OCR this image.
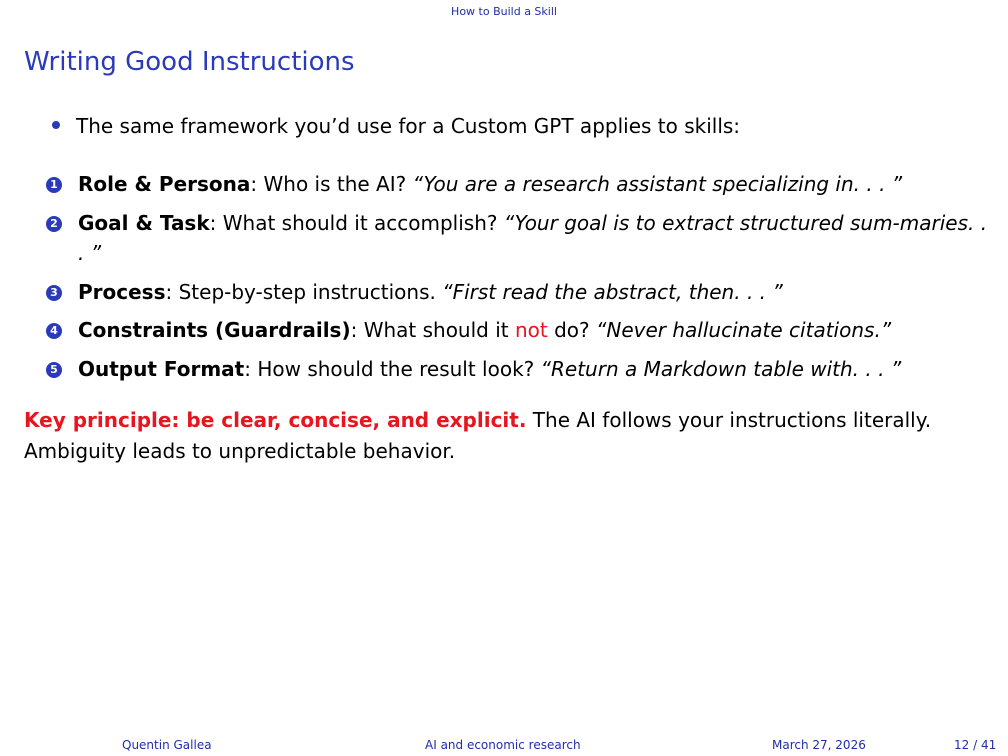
How to Build a Skill
Writing Good Instructions
The same framework you’d use for a Custom GPT applies to skills:
1 Role & Persona: Who is the AI? “You are a research assistant specializing in. . . ”
2 Goal & Task: What should it accomplish? “Your goal is to extract structured sum-maries. . . ”
3 Process: Step-by-step instructions. “First read the abstract, then. . . ”
4 Constraints (Guardrails): What should it not do? “Never hallucinate citations.”
5 Output Format: How should the result look? “Return a Markdown table with. . . ”
Key principle: be clear, concise, and explicit. The AI follows your instructions literally. Ambiguity leads to unpredictable behavior.
Quentin Gallea	AI and economic research	March 27, 2026	12 / 41
